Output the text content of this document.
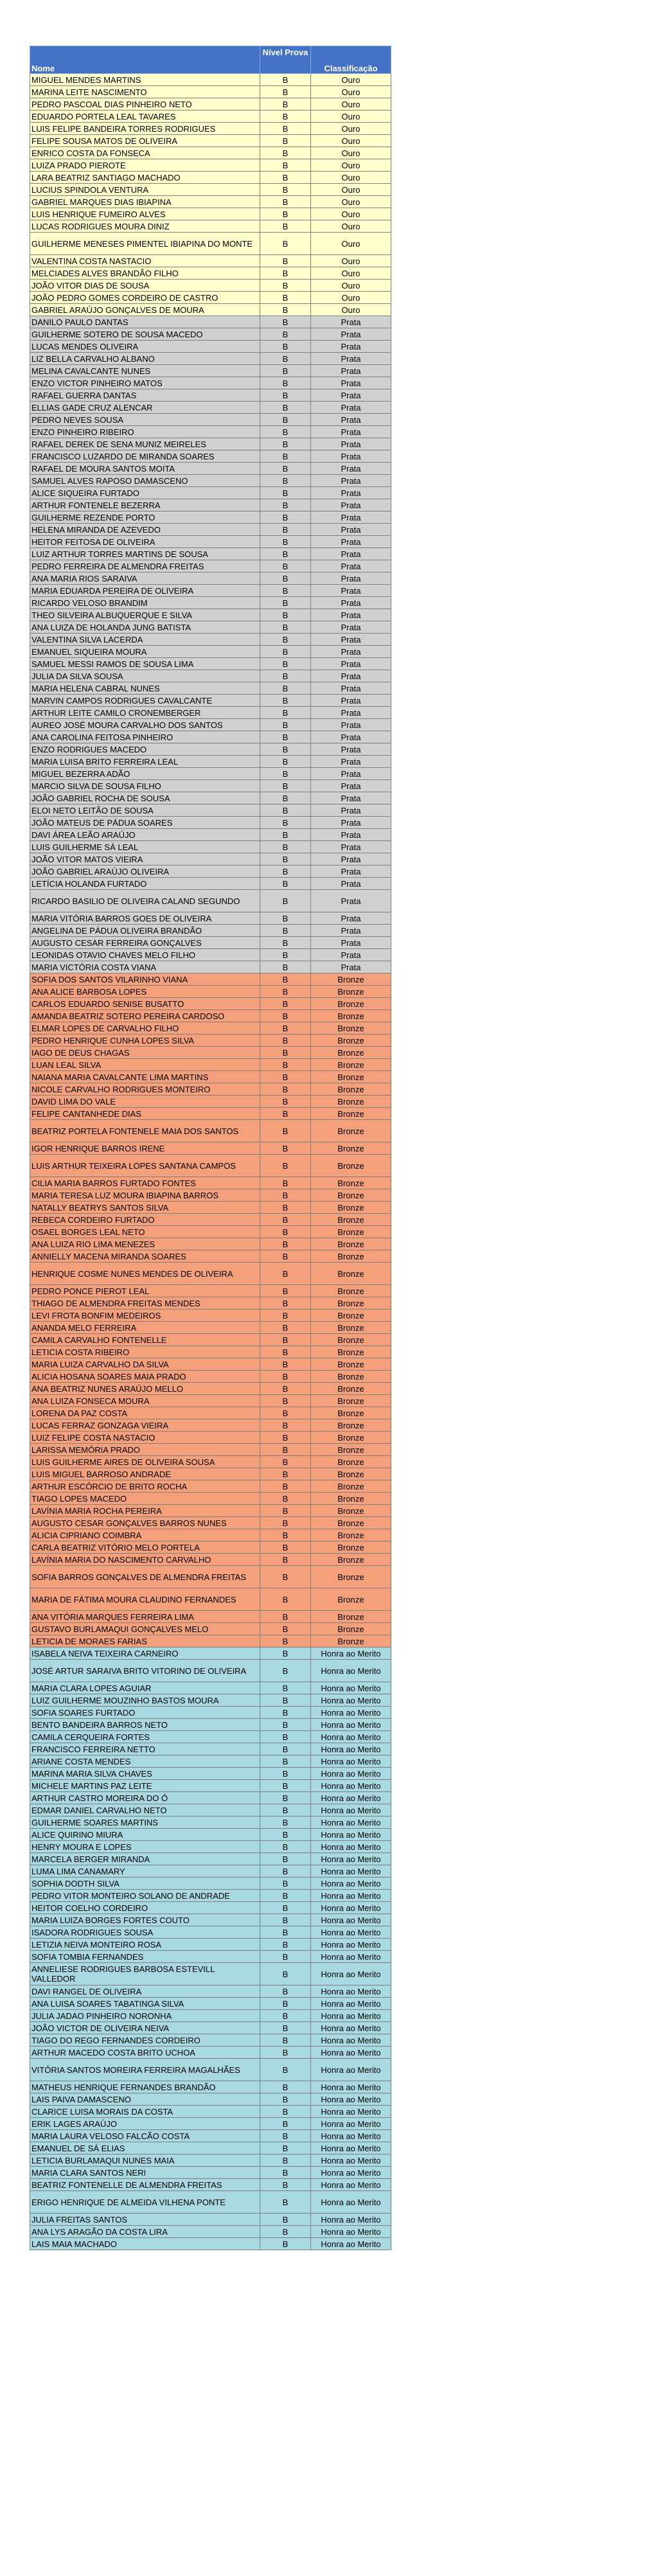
Nome	Nível Prova	Classificação
MIGUEL MENDES MARTINS	B	Ouro
MARINA LEITE NASCIMENTO	B	Ouro
PEDRO PASCOAL DIAS PINHEIRO NETO	B	Ouro
EDUARDO PORTELA LEAL TAVARES	B	Ouro
LUIS FELIPE BANDEIRA TORRES RODRIGUES	B	Ouro
FELIPE SOUSA MATOS DE OLIVEIRA	B	Ouro
ENRICO COSTA DA FONSECA	B	Ouro
LUIZA PRADO PIEROTE	B	Ouro
LARA BEATRIZ SANTIAGO MACHADO	B	Ouro
LUCIUS SPINDOLA VENTURA	B	Ouro
GABRIEL MARQUES DIAS IBIAPINA	B	Ouro
LUIS HENRIQUE FUMEIRO ALVES	B	Ouro
LUCAS RODRIGUES MOURA DINIZ	B	Ouro
GUILHERME MENESES PIMENTEL IBIAPINA DO MONTE	B	Ouro
VALENTINA COSTA NASTACIO	B	Ouro
MELCIADES ALVES BRANDÃO FILHO	B	Ouro
JOÃO VITOR DIAS DE SOUSA	B	Ouro
JOÃO PEDRO GOMES CORDEIRO DE CASTRO	B	Ouro
GABRIEL ARAÚJO GONÇALVES DE MOURA	B	Ouro
DANILO PAULO DANTAS	B	Prata
GUILHERME SOTERO DE SOUSA MACEDO	B	Prata
LUCAS MENDES OLIVEIRA	B	Prata
LIZ BELLA CARVALHO ALBANO	B	Prata
MELINA CAVALCANTE NUNES	B	Prata
ENZO VICTOR PINHEIRO MATOS	B	Prata
RAFAEL GUERRA DANTAS	B	Prata
ELLIAS GADE CRUZ ALENCAR	B	Prata
PEDRO NEVES SOUSA	B	Prata
ENZO PINHEIRO RIBEIRO	B	Prata
RAFAEL DEREK DE SENA MUNIZ MEIRELES	B	Prata
FRANCISCO LUZARDO DE MIRANDA SOARES	B	Prata
RAFAEL DE MOURA SANTOS MOITA	B	Prata
SAMUEL ALVES RAPOSO DAMASCENO	B	Prata
ALICE SIQUEIRA FURTADO	B	Prata
ARTHUR FONTENELE BEZERRA	B	Prata
GUILHERME REZENDE PORTO	B	Prata
HELENA MIRANDA DE AZEVEDO	B	Prata
HEITOR FEITOSA DE OLIVEIRA	B	Prata
LUIZ ARTHUR TORRES MARTINS DE SOUSA	B	Prata
PEDRO FERREIRA DE ALMENDRA FREITAS	B	Prata
ANA MARIA RIOS SARAIVA	B	Prata
MARIA EDUARDA PEREIRA DE OLIVEIRA	B	Prata
RICARDO VELOSO BRANDIM	B	Prata
THEO SILVEIRA ALBUQUERQUE E SILVA	B	Prata
ANA LUIZA DE HOLANDA JUNG BATISTA	B	Prata
VALENTINA SILVA LACERDA	B	Prata
EMANUEL SIQUEIRA MOURA	B	Prata
SAMUEL MESSI RAMOS DE SOUSA LIMA	B	Prata
JULIA DA SILVA SOUSA	B	Prata
MARIA HELENA CABRAL NUNES	B	Prata
MARVIN CAMPOS RODRIGUES CAVALCANTE	B	Prata
ARTHUR LEITE CAMILO CRONEMBERGER	B	Prata
AUREO JOSÉ MOURA CARVALHO DOS SANTOS	B	Prata
ANA CAROLINA FEITOSA PINHEIRO	B	Prata
ENZO RODRIGUES MACEDO	B	Prata
MARIA LUISA BRITO FERREIRA LEAL	B	Prata
MIGUEL BEZERRA ADÃO	B	Prata
MARCIO SILVA DE SOUSA FILHO	B	Prata
JOÃO GABRIEL ROCHA DE SOUSA	B	Prata
ELOI NETO LEITÃO DE SOUSA	B	Prata
JOÃO MATEUS DE PÁDUA SOARES	B	Prata
DAVI ÁREA LEÃO ARAÚJO	B	Prata
LUIS GUILHERME SÁ LEAL	B	Prata
JOÃO VITOR MATOS VIEIRA	B	Prata
JOÃO GABRIEL ARAÚJO OLIVEIRA	B	Prata
LETÍCIA HOLANDA FURTADO	B	Prata
RICARDO BASILIO DE OLIVEIRA CALAND SEGUNDO	B	Prata
MARIA VITÓRIA BARROS GOES DE OLIVEIRA	B	Prata
ANGELINA DE PÁDUA OLIVEIRA BRANDÃO	B	Prata
AUGUSTO CESAR FERREIRA GONÇALVES	B	Prata
LEONIDAS OTAVIO CHAVES MELO FILHO	B	Prata
MARIA VICTÓRIA COSTA VIANA	B	Prata
SOFIA DOS SANTOS VILARINHO VIANA	B	Bronze
ANA ALICE BARBOSA LOPES	B	Bronze
CARLOS EDUARDO SENISE BUSATTO	B	Bronze
AMANDA BEATRIZ SOTERO PEREIRA CARDOSO	B	Bronze
ELMAR LOPES DE CARVALHO FILHO	B	Bronze
PEDRO HENRIQUE CUNHA LOPES SILVA	B	Bronze
IAGO DE DEUS CHAGAS	B	Bronze
LUAN LEAL SILVA	B	Bronze
NAIANA MARIA CAVALCANTE LIMA MARTINS	B	Bronze
NICOLE CARVALHO RODRIGUES MONTEIRO	B	Bronze
DAVID LIMA DO VALE	B	Bronze
FELIPE CANTANHEDE DIAS	B	Bronze
BEATRIZ PORTELA FONTENELE MAIA DOS SANTOS	B	Bronze
IGOR HENRIQUE BARROS IRENE	B	Bronze
LUIS ARTHUR TEIXEIRA LOPES SANTANA CAMPOS	B	Bronze
CILIA MARIA BARROS FURTADO FONTES	B	Bronze
MARIA TERESA LUZ MOURA IBIAPINA BARROS	B	Bronze
NATALLY BEATRYS SANTOS SILVA	B	Bronze
REBECA CORDEIRO FURTADO	B	Bronze
OSAEL BORGES LEAL NETO	B	Bronze
ANA LUIZA RIO LIMA MENEZES	B	Bronze
ANNIELLY MACENA MIRANDA SOARES	B	Bronze
HENRIQUE COSME NUNES MENDES DE OLIVEIRA	B	Bronze
PEDRO PONCE PIEROT LEAL	B	Bronze
THIAGO DE ALMENDRA FREITAS MENDES	B	Bronze
LEVI FROTA BONFIM MEDEIROS	B	Bronze
ANANDA MELO FERREIRA	B	Bronze
CAMILA CARVALHO FONTENELLE	B	Bronze
LETICIA COSTA RIBEIRO	B	Bronze
MARIA LUIZA CARVALHO DA SILVA	B	Bronze
ALICIA HOSANA SOARES MAIA PRADO	B	Bronze
ANA BEATRIZ NUNES ARAÚJO MELLO	B	Bronze
ANA LUIZA FONSECA MOURA	B	Bronze
LORENA DA PAZ COSTA	B	Bronze
LUCAS FERRAZ GONZAGA VIEIRA	B	Bronze
LUIZ FELIPE COSTA NASTACIO	B	Bronze
LARISSA MEMÓRIA PRADO	B	Bronze
LUIS GUILHERME AIRES DE OLIVEIRA SOUSA	B	Bronze
LUIS MIGUEL BARROSO ANDRADE	B	Bronze
ARTHUR ESCÓRCIO DE BRITO ROCHA	B	Bronze
TIAGO LOPES MACEDO	B	Bronze
LAVÍNIA MARIA ROCHA PEREIRA	B	Bronze
AUGUSTO CESAR GONÇALVES BARROS NUNES	B	Bronze
ALICIA CIPRIANO COIMBRA	B	Bronze
CARLA BEATRIZ VITÓRIO MELO PORTELA	B	Bronze
LAVÍNIA MARIA DO NASCIMENTO CARVALHO	B	Bronze
SOFIA BARROS GONÇALVES DE ALMENDRA FREITAS	B	Bronze
MARIA DE FÁTIMA MOURA CLAUDINO FERNANDES	B	Bronze
ANA VITÓRIA MARQUES FERREIRA LIMA	B	Bronze
GUSTAVO BURLAMAQUI GONÇALVES MELO	B	Bronze
LETICIA DE MORAES FARIAS	B	Bronze
ISABELA NEIVA TEIXEIRA CARNEIRO	B	Honra ao Merito
JOSÉ ARTUR SARAIVA BRITO VITORINO DE OLIVEIRA	B	Honra ao Merito
MARIA CLARA LOPES AGUIAR	B	Honra ao Merito
LUIZ GUILHERME MOUZINHO BASTOS MOURA	B	Honra ao Merito
SOFIA SOARES FURTADO	B	Honra ao Merito
BENTO BANDEIRA BARROS NETO	B	Honra ao Merito
CAMILA CERQUEIRA FORTES	B	Honra ao Merito
FRANCISCO FERREIRA NETTO	B	Honra ao Merito
ARIANE COSTA MENDES	B	Honra ao Merito
MARINA MARIA SILVA CHAVES	B	Honra ao Merito
MICHELE MARTINS PAZ LEITE	B	Honra ao Merito
ARTHUR CASTRO MOREIRA DO Ó	B	Honra ao Merito
EDMAR DANIEL CARVALHO NETO	B	Honra ao Merito
GUILHERME SOARES MARTINS	B	Honra ao Merito
ALICE QUIRINO MIURA	B	Honra ao Merito
HENRY MOURA E LOPES	B	Honra ao Merito
MARCELA BERGER MIRANDA	B	Honra ao Merito
LUMA LIMA CANAMARY	B	Honra ao Merito
SOPHIA DODTH SILVA	B	Honra ao Merito
PEDRO VITOR MONTEIRO SOLANO DE ANDRADE	B	Honra ao Merito
HEITOR COELHO CORDEIRO	B	Honra ao Merito
MARIA LUIZA BORGES FORTES COUTO	B	Honra ao Merito
ISADORA RODRIGUES SOUSA	B	Honra ao Merito
LETIZIA NEIVA MONTEIRO ROSA	B	Honra ao Merito
SOFIA TOMBIA FERNANDES	B	Honra ao Merito
ANNELIESE RODRIGUES BARBOSA ESTEVILL VALLEDOR	B	Honra ao Merito
DAVI RANGEL DE OLIVEIRA	B	Honra ao Merito
ANA LUISA SOARES TABATINGA SILVA	B	Honra ao Merito
JULIA JADAO PINHEIRO NORONHA	B	Honra ao Merito
JOÃO VICTOR DE OLIVEIRA NEIVA	B	Honra ao Merito
TIAGO DO REGO FERNANDES CORDEIRO	B	Honra ao Merito
ARTHUR MACEDO COSTA BRITO UCHOA	B	Honra ao Merito
VITÓRIA SANTOS MOREIRA FERREIRA MAGALHÃES	B	Honra ao Merito
MATHEUS HENRIQUE FERNANDES BRANDÃO	B	Honra ao Merito
LAIS PAIVA DAMASCENO	B	Honra ao Merito
CLARICE LUISA MORAIS DA COSTA	B	Honra ao Merito
ERIK LAGES ARAÚJO	B	Honra ao Merito
MARIA LAURA VELOSO FALCÃO COSTA	B	Honra ao Merito
EMANUEL DE SÁ ELIAS	B	Honra ao Merito
LETICIA BURLAMAQUI NUNES MAIA	B	Honra ao Merito
MARIA CLARA SANTOS NERI	B	Honra ao Merito
BEATRIZ FONTENELLE DE ALMENDRA FREITAS	B	Honra ao Merito
ERIGO HENRIQUE DE ALMEIDA VILHENA PONTE	B	Honra ao Merito
JULIA FREITAS SANTOS	B	Honra ao Merito
ANA LYS ARAGÃO DA COSTA LIRA	B	Honra ao Merito
LAIS MAIA MACHADO	B	Honra ao Merito
